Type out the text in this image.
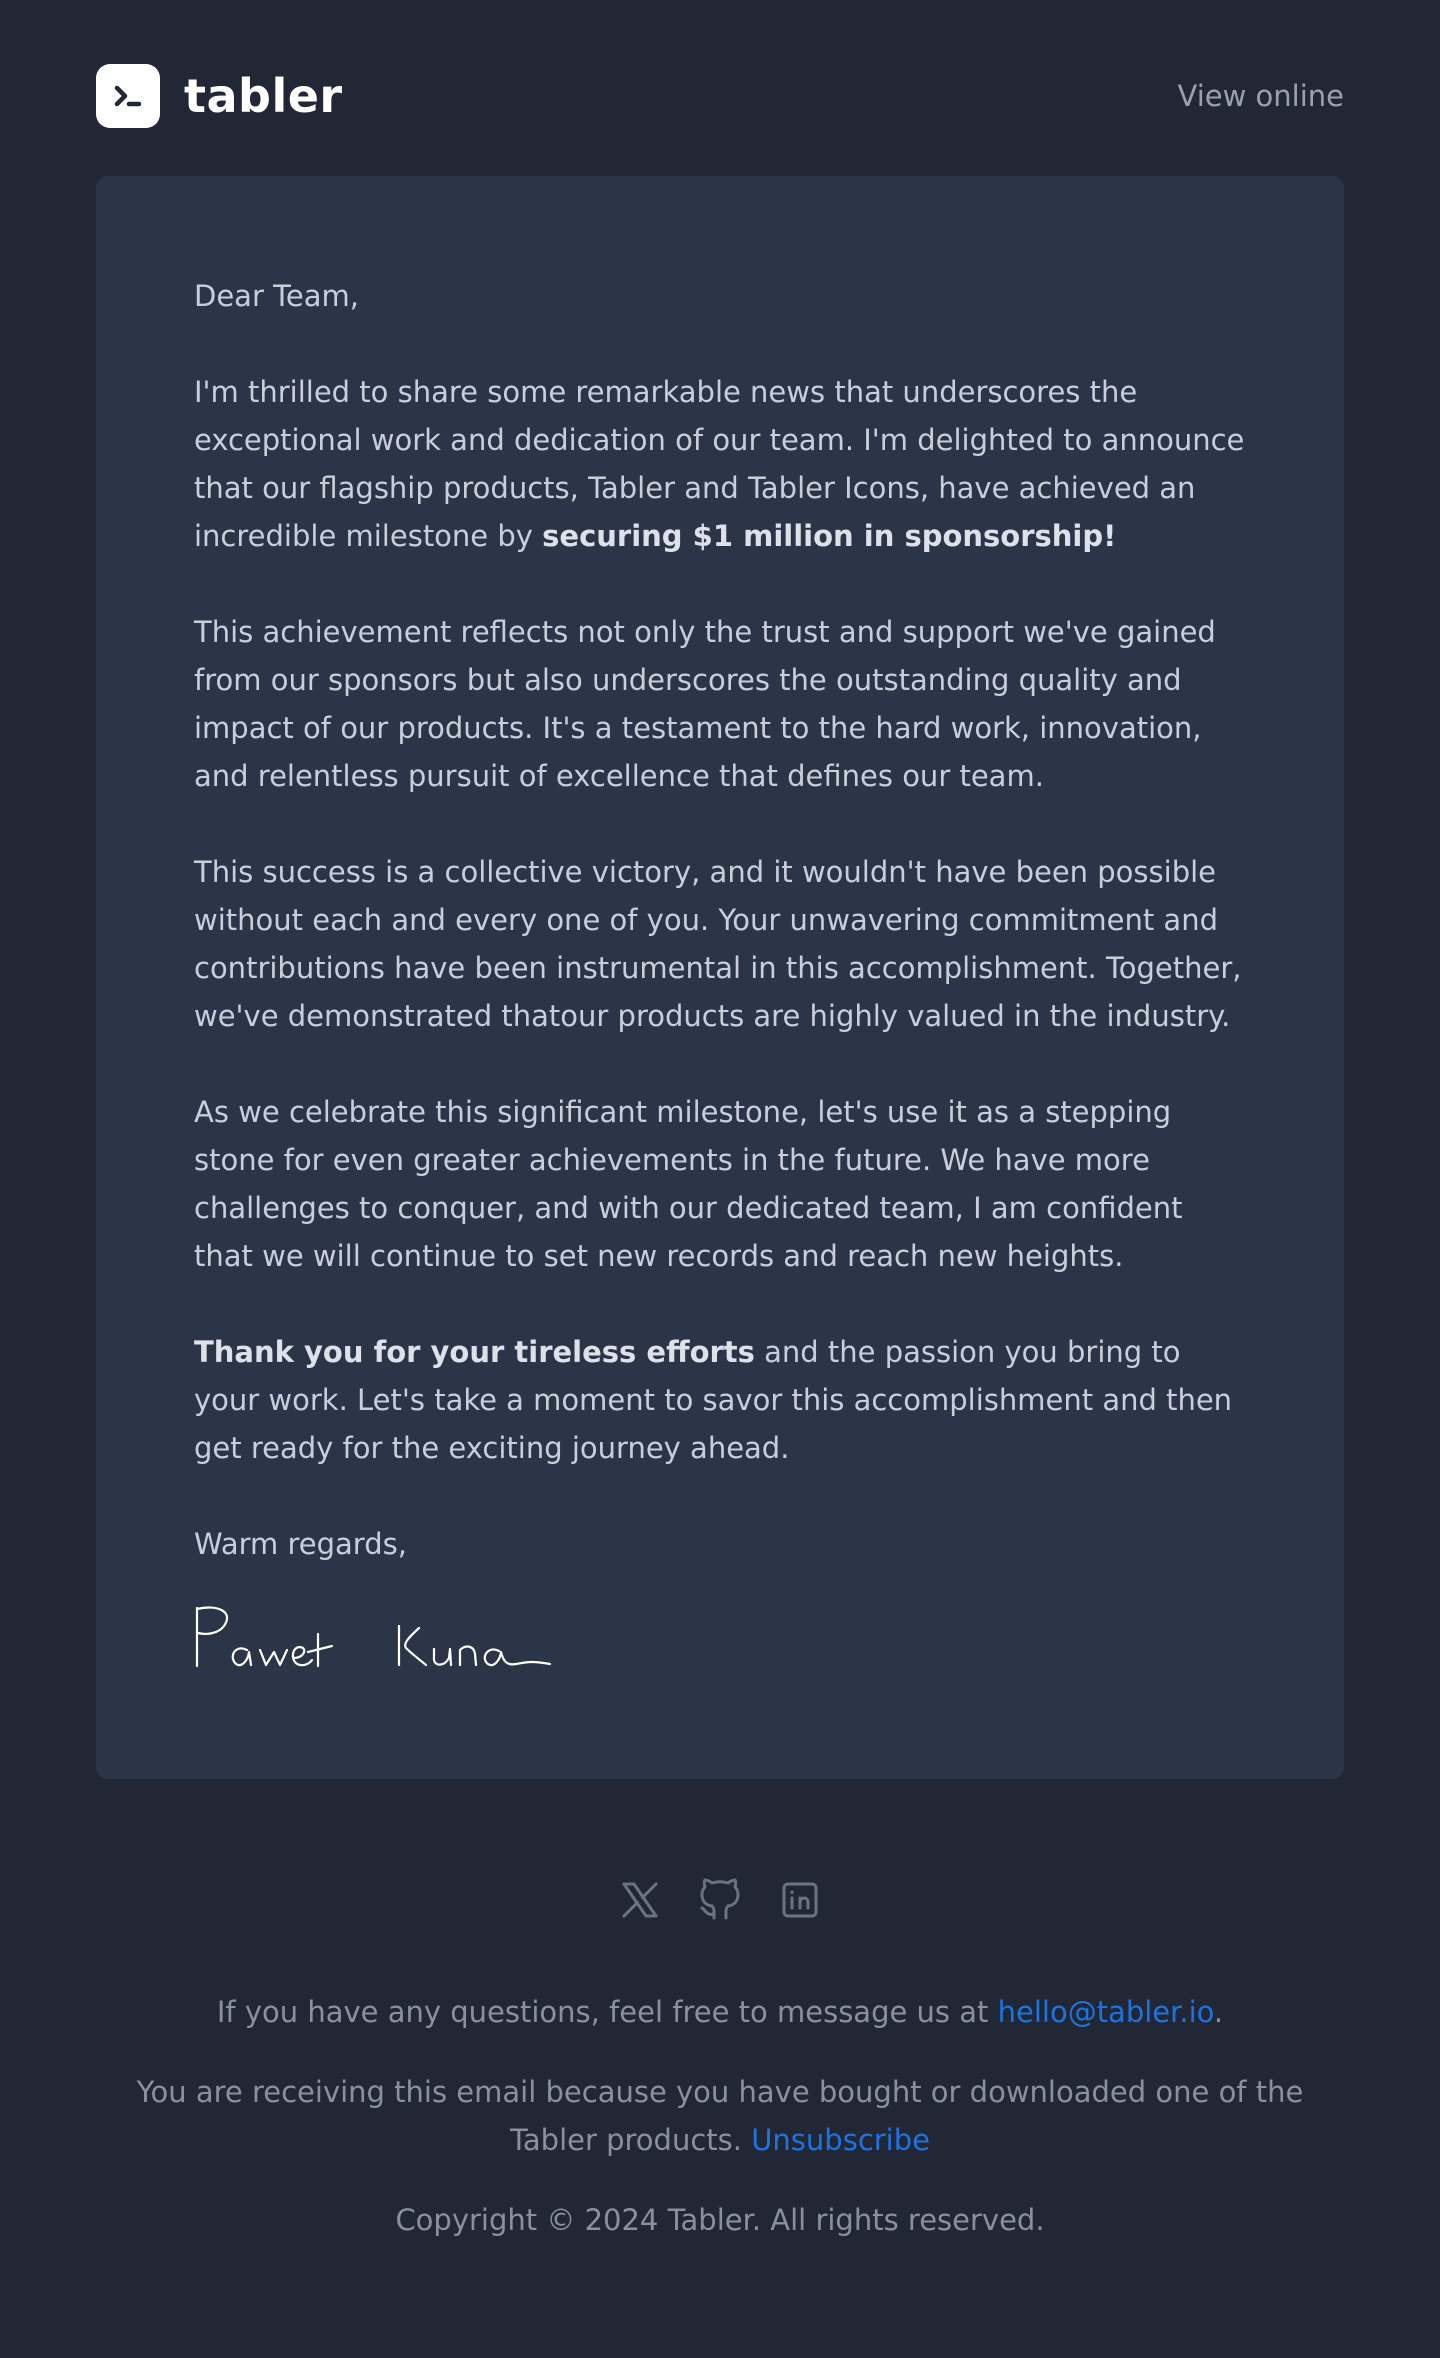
tabler	View online

Dear Team,

I'm thrilled to share some remarkable news that underscores the exceptional work and dedication of our team. I'm delighted to announce that our flagship products, Tabler and Tabler Icons, have achieved an incredible milestone by securing $1 million in sponsorship!

This achievement reflects not only the trust and support we've gained from our sponsors but also underscores the outstanding quality and impact of our products. It's a testament to the hard work, innovation, and relentless pursuit of excellence that defines our team.

This success is a collective victory, and it wouldn't have been possible without each and every one of you. Your unwavering commitment and contributions have been instrumental in this accomplishment. Together, we've demonstrated thatour products are highly valued in the industry.

As we celebrate this significant milestone, let's use it as a stepping stone for even greater achievements in the future. We have more challenges to conquer, and with our dedicated team, I am confident that we will continue to set new records and reach new heights.

Thank you for your tireless efforts and the passion you bring to your work. Let's take a moment to savor this accomplishment and then get ready for the exciting journey ahead.

Warm regards,

If you have any questions, feel free to message us at hello@tabler.io.
You are receiving this email because you have bought or downloaded one of the Tabler products. Unsubscribe
Copyright © 2024 Tabler. All rights reserved.
